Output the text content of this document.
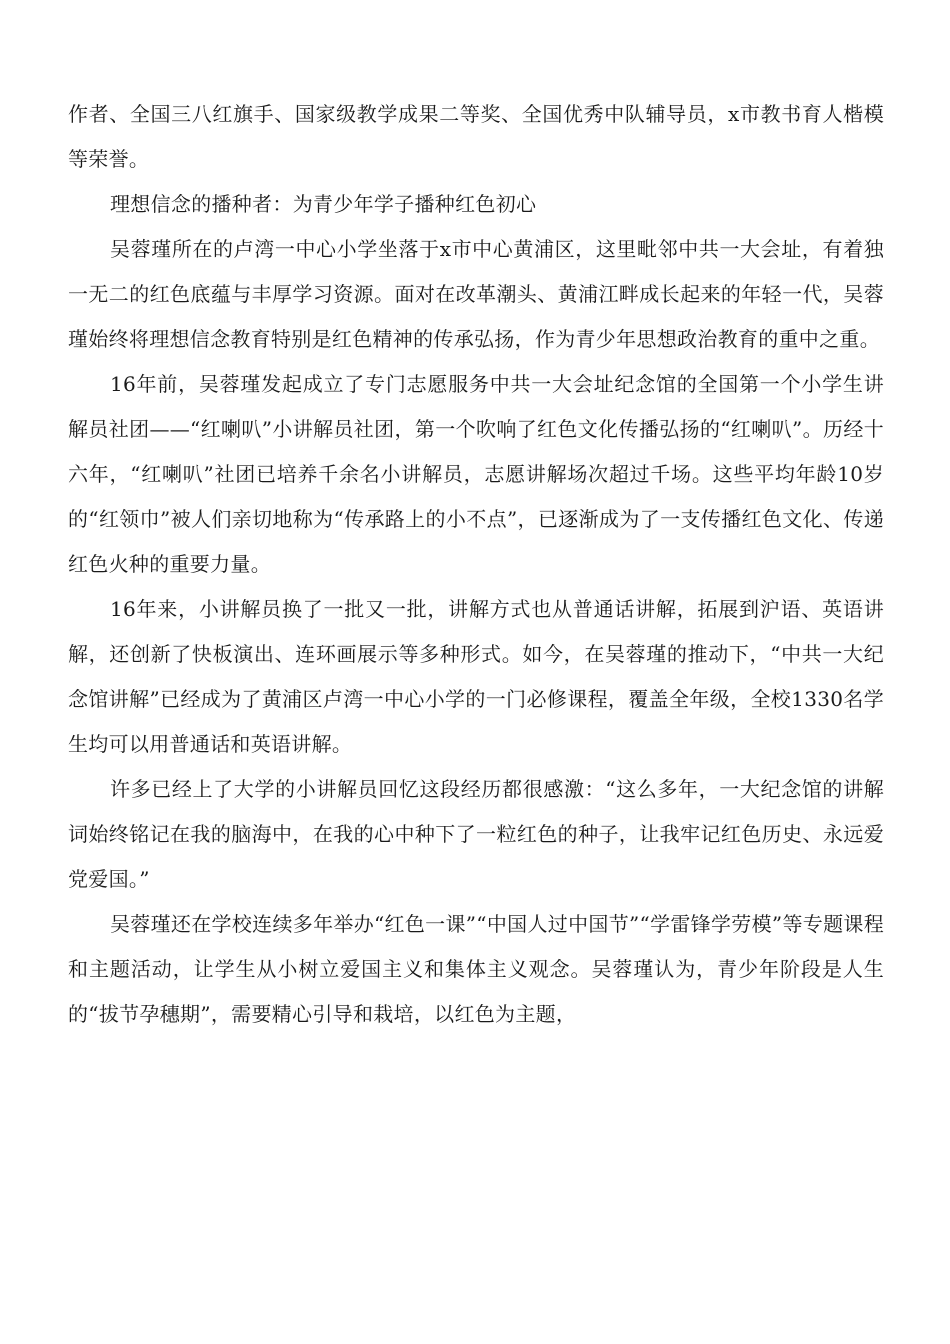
作者、全国三八红旗手、国家级教学成果二等奖、全国优秀中队辅导员，x市教书育人楷模等荣誉。

理想信念的播种者：为青少年学子播种红色初心

吴蓉瑾所在的卢湾一中心小学坐落于x市中心黄浦区，这里毗邻中共一大会址，有着独一无二的红色底蕴与丰厚学习资源。面对在改革潮头、黄浦江畔成长起来的年轻一代，吴蓉瑾始终将理想信念教育特别是红色精神的传承弘扬，作为青少年思想政治教育的重中之重。

16年前，吴蓉瑾发起成立了专门志愿服务中共一大会址纪念馆的全国第一个小学生讲解员社团——“红喇叭”小讲解员社团，第一个吹响了红色文化传播弘扬的“红喇叭”。历经十六年，“红喇叭”社团已培养千余名小讲解员，志愿讲解场次超过千场。这些平均年龄10岁的“红领巾”被人们亲切地称为“传承路上的小不点”，已逐渐成为了一支传播红色文化、传递红色火种的重要力量。

16年来，小讲解员换了一批又一批，讲解方式也从普通话讲解，拓展到沪语、英语讲解，还创新了快板演出、连环画展示等多种形式。如今，在吴蓉瑾的推动下，“中共一大纪念馆讲解”已经成为了黄浦区卢湾一中心小学的一门必修课程，覆盖全年级，全校1330名学生均可以用普通话和英语讲解。

许多已经上了大学的小讲解员回忆这段经历都很感激：“这么多年，一大纪念馆的讲解词始终铭记在我的脑海中，在我的心中种下了一粒红色的种子，让我牢记红色历史、永远爱党爱国。”

吴蓉瑾还在学校连续多年举办“红色一课”“中国人过中国节”“学雷锋学劳模”等专题课程和主题活动，让学生从小树立爱国主义和集体主义观念。吴蓉瑾认为，青少年阶段是人生的“拔节孕穗期”，需要精心引导和栽培，以红色为主题，
